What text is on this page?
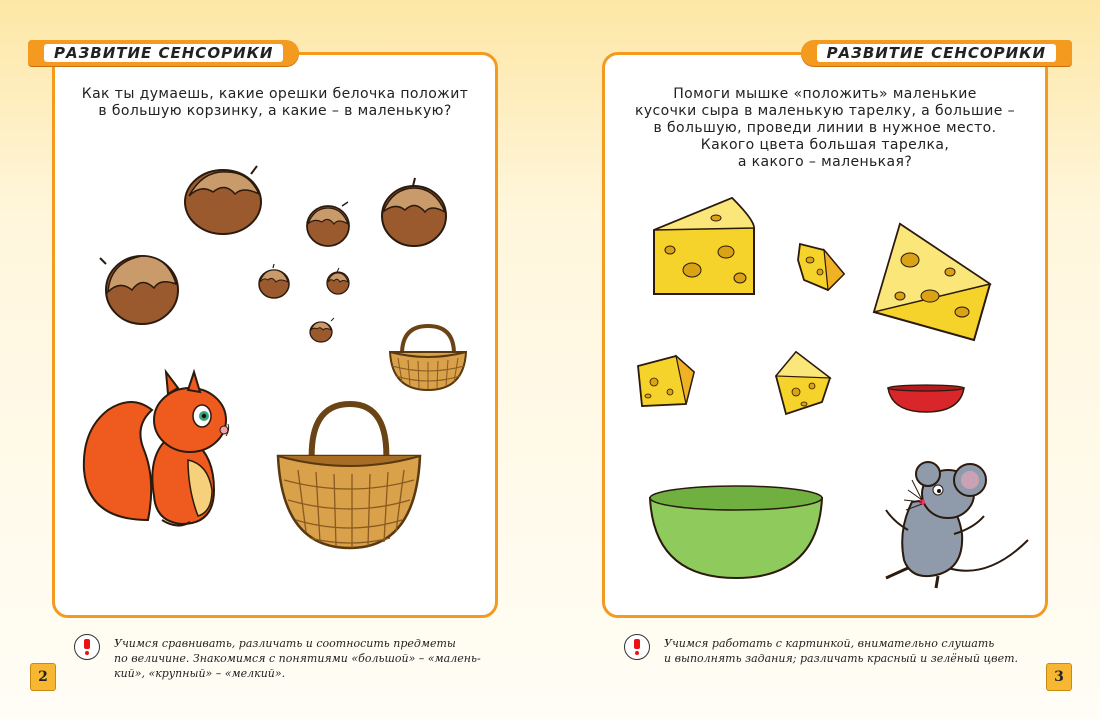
РАЗВИТИЕ СЕНСОРИКИ
Как ты думаешь, какие орешки белочка положит
в большую корзинку, а какие – в маленькую?
Учимся сравнивать, различать и соотносить предметы
по величине. Знакомимся с понятиями «большой» – «малень-
кий», «крупный» – «мелкий».
2
РАЗВИТИЕ СЕНСОРИКИ
Помоги мышке «положить» маленькие
кусочки сыра в маленькую тарелку, а большие –
в большую, проведи линии в нужное место.
Какого цвета большая тарелка,
а какого – маленькая?
Учимся работать с картинкой, внимательно слушать
и выполнять задания; различать красный и зелёный цвет.
3
